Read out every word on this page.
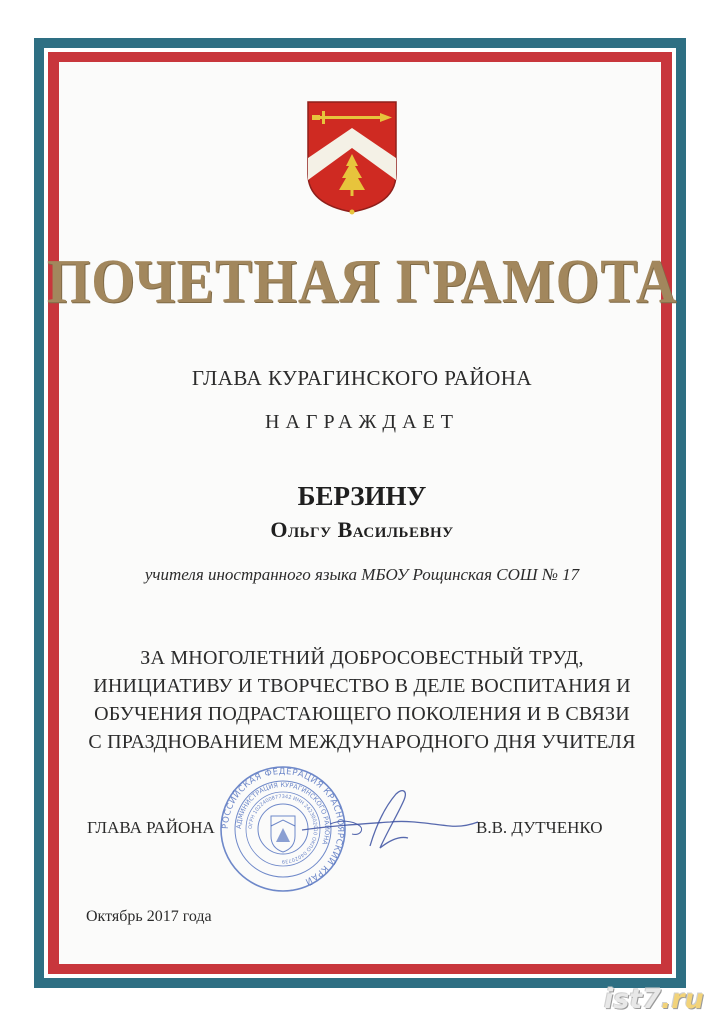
ПОЧЕТНАЯ ГРАМОТА
ГЛАВА КУРАГИНСКОГО РАЙОНА
НАГРАЖДАЕТ
БЕРЗИНУ
Ольгу Васильевну
учителя иностранного языка МБОУ Рощинская СОШ № 17
ЗА МНОГОЛЕТНИЙ ДОБРОСОВЕСТНЫЙ ТРУД,
ИНИЦИАТИВУ И ТВОРЧЕСТВО В ДЕЛЕ ВОСПИТАНИЯ И
ОБУЧЕНИЯ ПОДРАСТАЮЩЕГО ПОКОЛЕНИЯ И В СВЯЗИ
С ПРАЗДНОВАНИЕМ МЕЖДУНАРОДНОГО ДНЯ УЧИТЕЛЯ
ГЛАВА РАЙОНА	В.В. ДУТЧЕНКО
Октябрь 2017 года
РОССИЙСКАЯ ФЕДЕРАЦИЯ КРАСНОЯРСКИЙ КРАЙ
АДМИНИСТРАЦИЯ КУРАГИНСКОГО РАЙОНА
ОГРН 1022400877342 ИНН 2423002010 ОКПО 04020739
ist7.ru
